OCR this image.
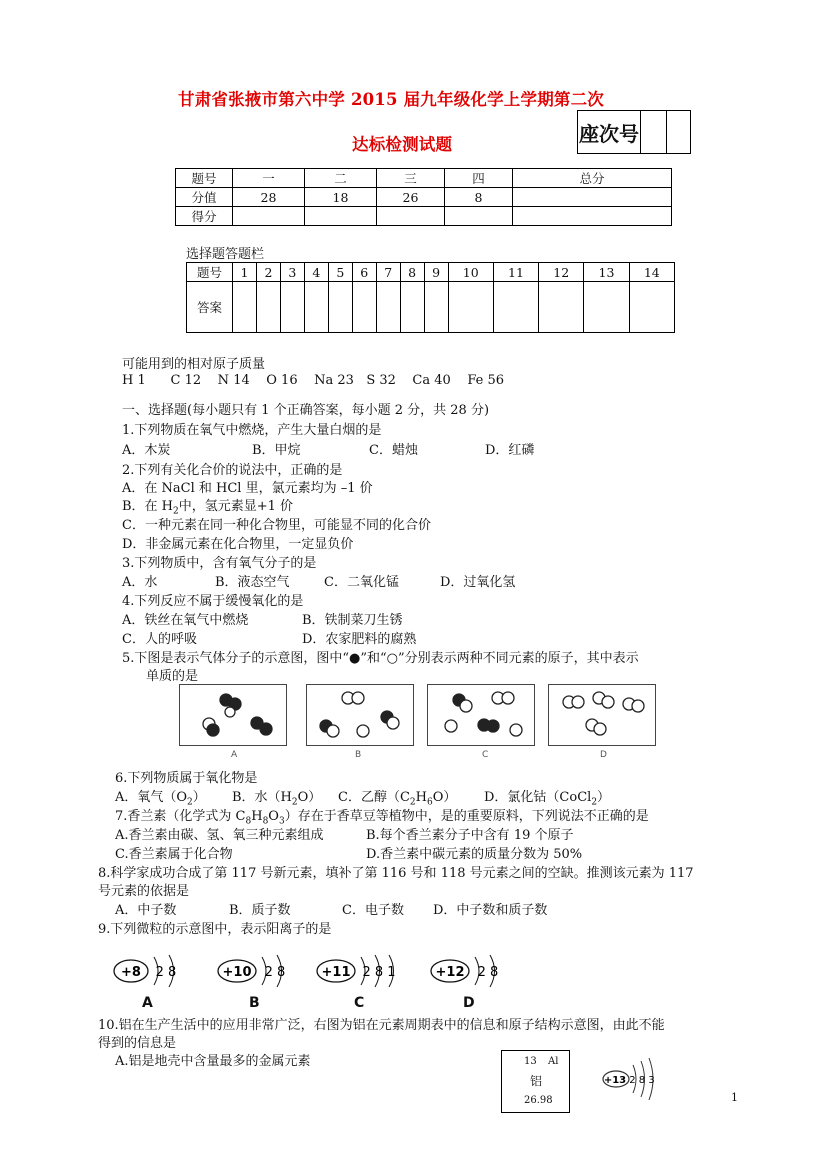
甘肃省张掖市第六中学 2015 届九年级化学上学期第二次
达标检测试题	座次号
题号	一	二	三	四	总分
分值	28	18	26	8	
得分					
选择题答题栏
题号	1	2	3	4	5	6	7	8	9	10	11	12	13	14
答案														
可能用到的相对原子质量
H 1      C 12    N 14    O 16    Na 23   S 32    Ca 40    Fe 56
一、选择题(每小题只有 1 个正确答案，每小题 2 分，共 28 分)
1.下列物质在氧气中燃烧，产生大量白烟的是
A．木炭	B．甲烷	C．蜡烛	D．红磷
2.下列有关化合价的说法中，正确的是
A．在 NaCl 和 HCl 里，氯元素均为 –1 价
B．在 $H_2$中，氢元素显+1 价
C．一种元素在同一种化合物里，可能显不同的化合价
D．非金属元素在化合物里，一定显负价
3.下列物质中，含有氧气分子的是
A．水	B．液态空气	C．二氧化锰	D．过氧化氢
4.下列反应不属于缓慢氧化的是
A．铁丝在氧气中燃烧	B．铁制菜刀生锈
C．人的呼吸	D．农家肥料的腐熟
5.下图是表示气体分子的示意图，图中“●”和“○”分别表示两种不同元素的原子，其中表示
单质的是
A	B	C	D
6.下列物质属于氧化物是
A．氧气$(O_2)$ B．水$(H_2O)$ C．乙醇$(C_2H_6O)$ D．氯化钴（CoCl$_2$）
7.香兰素（化学式为 $C_8H_8O_3$）存在于香草豆等植物中，是的重要原料，下列说法不正确的是
A.香兰素由碳、氢、氧三种元素组成	B.每个香兰素分子中含有 19 个原子
C.香兰素属于化合物	D.香兰素中碳元素的质量分数为 50%
8.科学家成功合成了第 117 号新元素，填补了第 116 号和 118 号元素之间的空缺。推测该元素为 117
号元素的依据是
A．中子数	B．质子数	C．电子数 D．中子数和质子数
9.下列微粒的示意图中，表示阳离子的是
+8 2 8
A
+10 2 8
B
+11 2 8 1
C
+12 2 8
D
10.铝在生产生活中的应用非常广泛，右图为铝在元素周期表中的信息和原子结构示意图，由此不能
得到的信息是
A.铝是地壳中含量最多的金属元素	13 Al
铝
26.98
+13 2 8 3
1
